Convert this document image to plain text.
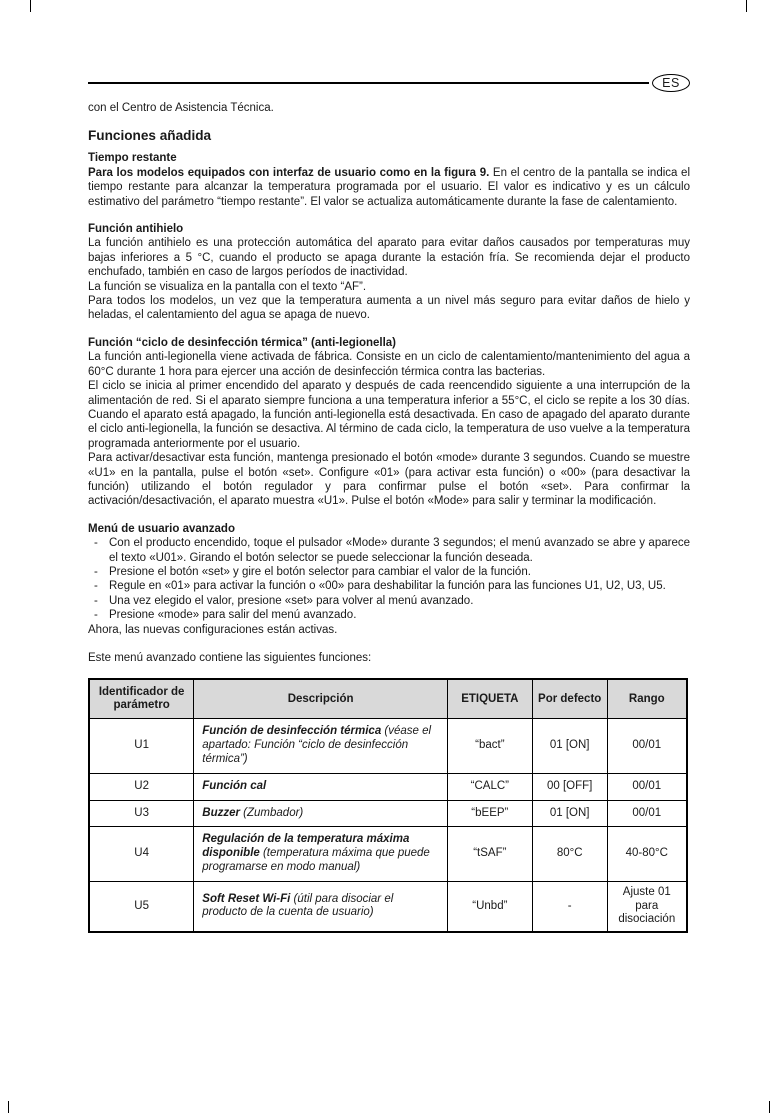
ES

con el Centro de Asistencia Técnica.

Funciones añadida
Tiempo restante

Para los modelos equipados con interfaz de usuario como en la figura 9. En el centro de la pantalla se indica el tiempo restante para alcanzar la temperatura programada por el usuario. El valor es indicativo y es un cálculo estimativo del parámetro “tiempo restante”. El valor se actualiza automáticamente durante la fase de calentamiento.

Función antihielo

La función antihielo es una protección automática del aparato para evitar daños causados por temperaturas muy bajas inferiores a 5 °C, cuando el producto se apaga durante la estación fría. Se recomienda dejar el producto enchufado, también en caso de largos períodos de inactividad.

La función se visualiza en la pantalla con el texto “AF”.

Para todos los modelos, un vez que la temperatura aumenta a un nivel más seguro para evitar daños de hielo y heladas, el calentamiento del agua se apaga de nuevo.

Función “ciclo de desinfección térmica” (anti-legionella)

La función anti-legionella viene activada de fábrica. Consiste en un ciclo de calentamiento/mantenimiento del agua a 60°C durante 1 hora para ejercer una acción de desinfección térmica contra las bacterias.

El ciclo se inicia al primer encendido del aparato y después de cada reencendido siguiente a una interrupción de la alimentación de red. Si el aparato siempre funciona a una temperatura inferior a 55°C, el ciclo se repite a los 30 días. Cuando el aparato está apagado, la función anti-legionella está desactivada. En caso de apagado del aparato durante el ciclo anti-legionella, la función se desactiva. Al término de cada ciclo, la temperatura de uso vuelve a la temperatura programada anteriormente por el usuario.

Para activar/desactivar esta función, mantenga presionado el botón «mode» durante 3 segundos. Cuando se muestre «U1» en la pantalla, pulse el botón «set». Configure «01» (para activar esta función) o «00» (para desactivar la función) utilizando el botón regulador y para confirmar pulse el botón «set». Para confirmar la activación/desactivación, el aparato muestra «U1». Pulse el botón «Mode» para salir y terminar la modificación.

Menú de usuario avanzado
- Con el producto encendido, toque el pulsador «Mode» durante 3 segundos; el menú avanzado se abre y aparece el texto «U01». Girando el botón selector se puede seleccionar la función deseada.
- Presione el botón «set» y gire el botón selector para cambiar el valor de la función.
- Regule en «01» para activar la función o «00» para deshabilitar la función para las funciones U1, U2, U3, U5.
- Una vez elegido el valor, presione «set» para volver al menú avanzado.
- Presione «mode» para salir del menú avanzado.

Ahora, las nuevas configuraciones están activas.

Este menú avanzado contiene las siguientes funciones:

Identificador de parámetro	Descripción	ETIQUETA	Por defecto	Rango
U1	Función de desinfección térmica (véase el apartado: Función “ciclo de desinfección térmica”)	“bact”	01 [ON]	00/01
U2	Función cal	“CALC”	00 [OFF]	00/01
U3	Buzzer (Zumbador)	“bEEP”	01 [ON]	00/01
U4	Regulación de la temperatura máxima disponible (temperatura máxima que puede programarse en modo manual)	“tSAF”	80°C	40-80°C
U5	Soft Reset Wi-Fi (útil para disociar el producto de la cuenta de usuario)	“Unbd”	-	Ajuste 01 para disociación
